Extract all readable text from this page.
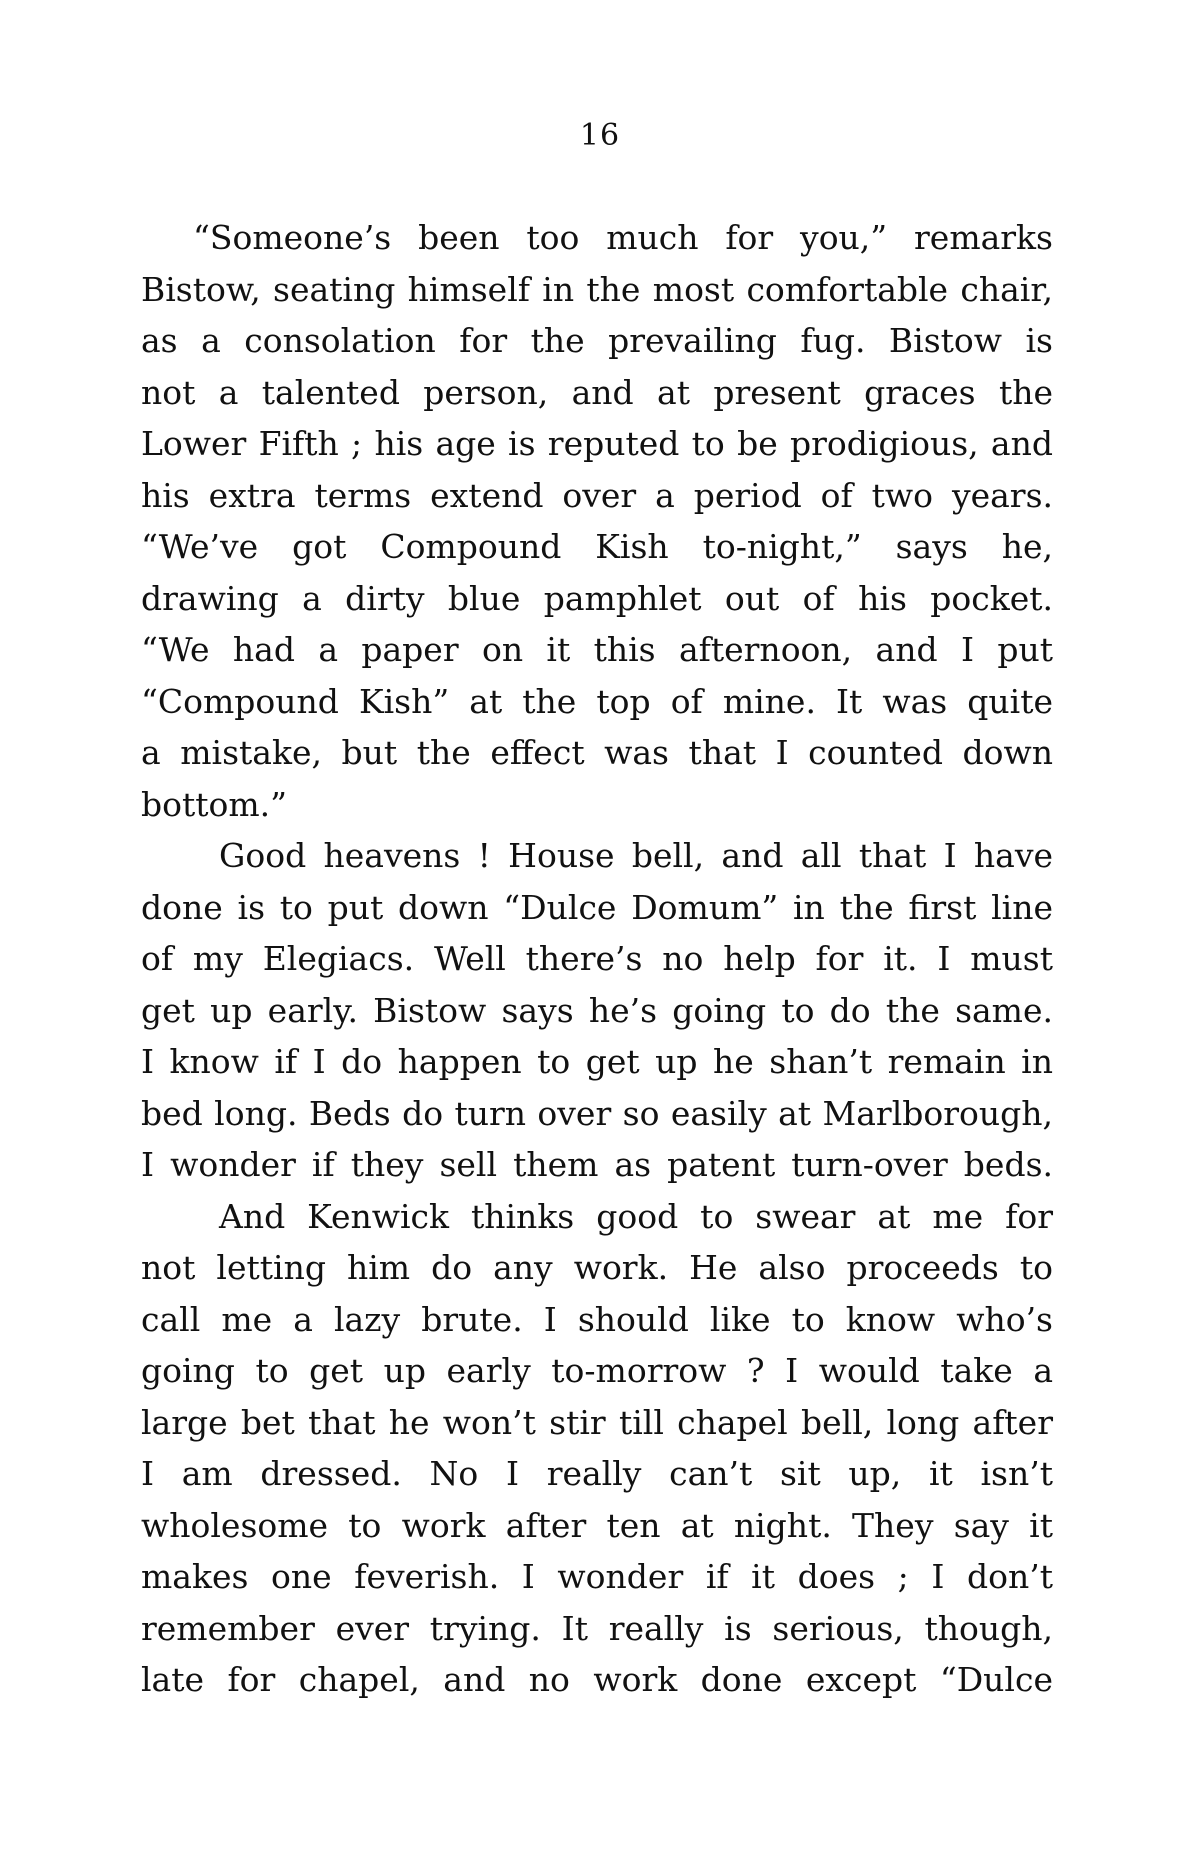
16
“Someone’s been too much for you,” remarks
Bistow, seating himself in the most comfortable chair,
as a consolation for the prevailing fug. Bistow is
not a talented person, and at present graces the
Lower Fifth ; his age is reputed to be prodigious, and
his extra terms extend over a period of two years.
“We’ve got Compound Kish to-night,” says he,
drawing a dirty blue pamphlet out of his pocket.
“We had a paper on it this afternoon, and I put
“Compound Kish” at the top of mine. It was quite
a mistake, but the effect was that I counted down
bottom.”
Good heavens ! House bell, and all that I have
done is to put down “Dulce Domum” in the first line
of my Elegiacs. Well there’s no help for it. I must
get up early. Bistow says he’s going to do the same.
I know if I do happen to get up he shan’t remain in
bed long. Beds do turn over so easily at Marlborough,
I wonder if they sell them as patent turn-over beds.
And Kenwick thinks good to swear at me for
not letting him do any work. He also proceeds to
call me a lazy brute. I should like to know who’s
going to get up early to-morrow ? I would take a
large bet that he won’t stir till chapel bell, long after
I am dressed. No I really can’t sit up, it isn’t
wholesome to work after ten at night. They say it
makes one feverish. I wonder if it does ; I don’t
remember ever trying. It really is serious, though,
late for chapel, and no work done except “Dulce
